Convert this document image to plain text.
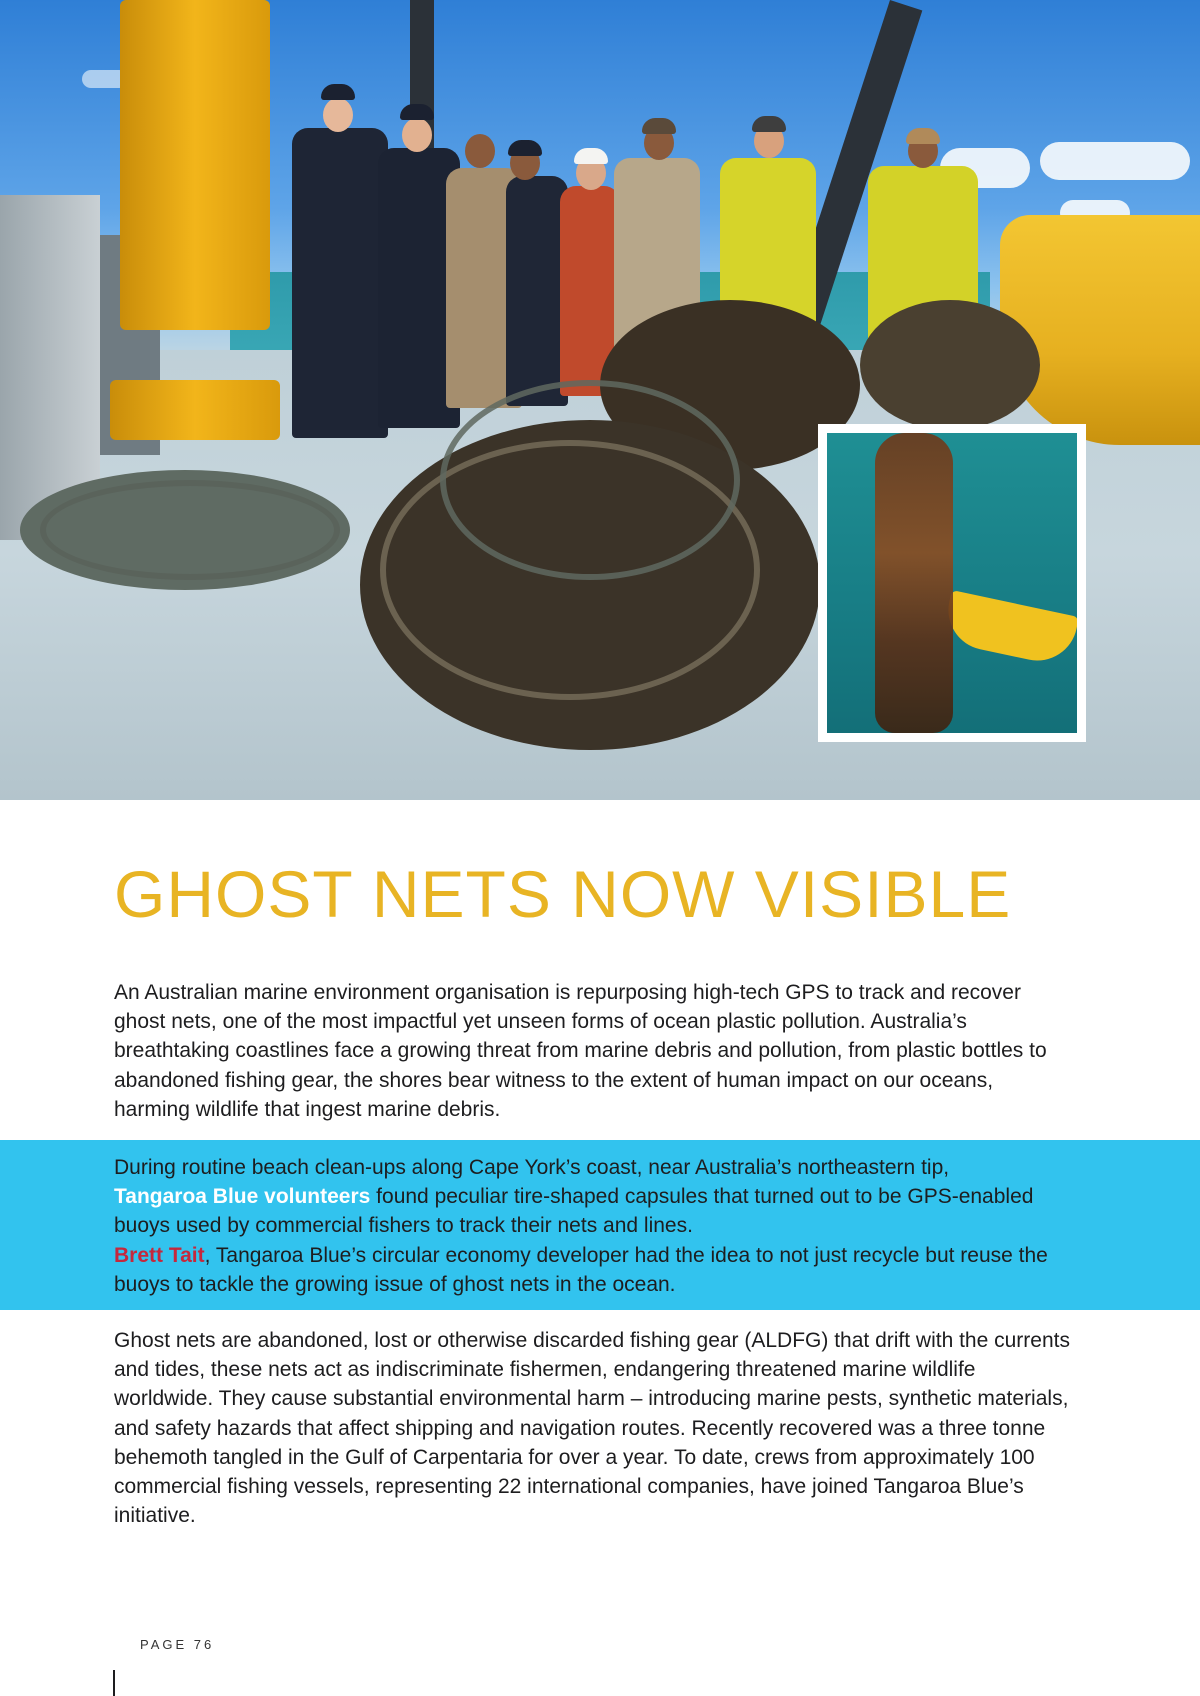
GHOST NETS NOW VISIBLE

An Australian marine environment organisation is repurposing high-tech GPS to track and recover ghost nets, one of the most impactful yet unseen forms of ocean plastic pollution. Australia’s breathtaking coastlines face a growing threat from marine debris and pollution, from plastic bottles to abandoned fishing gear, the shores bear witness to the extent of human impact on our oceans, harming wildlife that ingest marine debris.

During routine beach clean-ups along Cape York’s coast, near Australia’s northeastern tip,
Tangaroa Blue volunteers found peculiar tire-shaped capsules that turned out to be GPS-enabled buoys used by commercial fishers to track their nets and lines.
Brett Tait, Tangaroa Blue’s circular economy developer had the idea to not just recycle but reuse the buoys to tackle the growing issue of ghost nets in the ocean.

Ghost nets are abandoned, lost or otherwise discarded fishing gear (ALDFG) that drift with the currents and tides, these nets act as indiscriminate fishermen, endangering threatened marine wildlife worldwide. They cause substantial environmental harm – introducing marine pests, synthetic materials, and safety hazards that affect shipping and navigation routes. Recently recovered was a three tonne behemoth tangled in the Gulf of Carpentaria for over a year. To date, crews from approximately 100 commercial fishing vessels, representing 22 international companies, have joined Tangaroa Blue’s initiative.

PAGE 76
